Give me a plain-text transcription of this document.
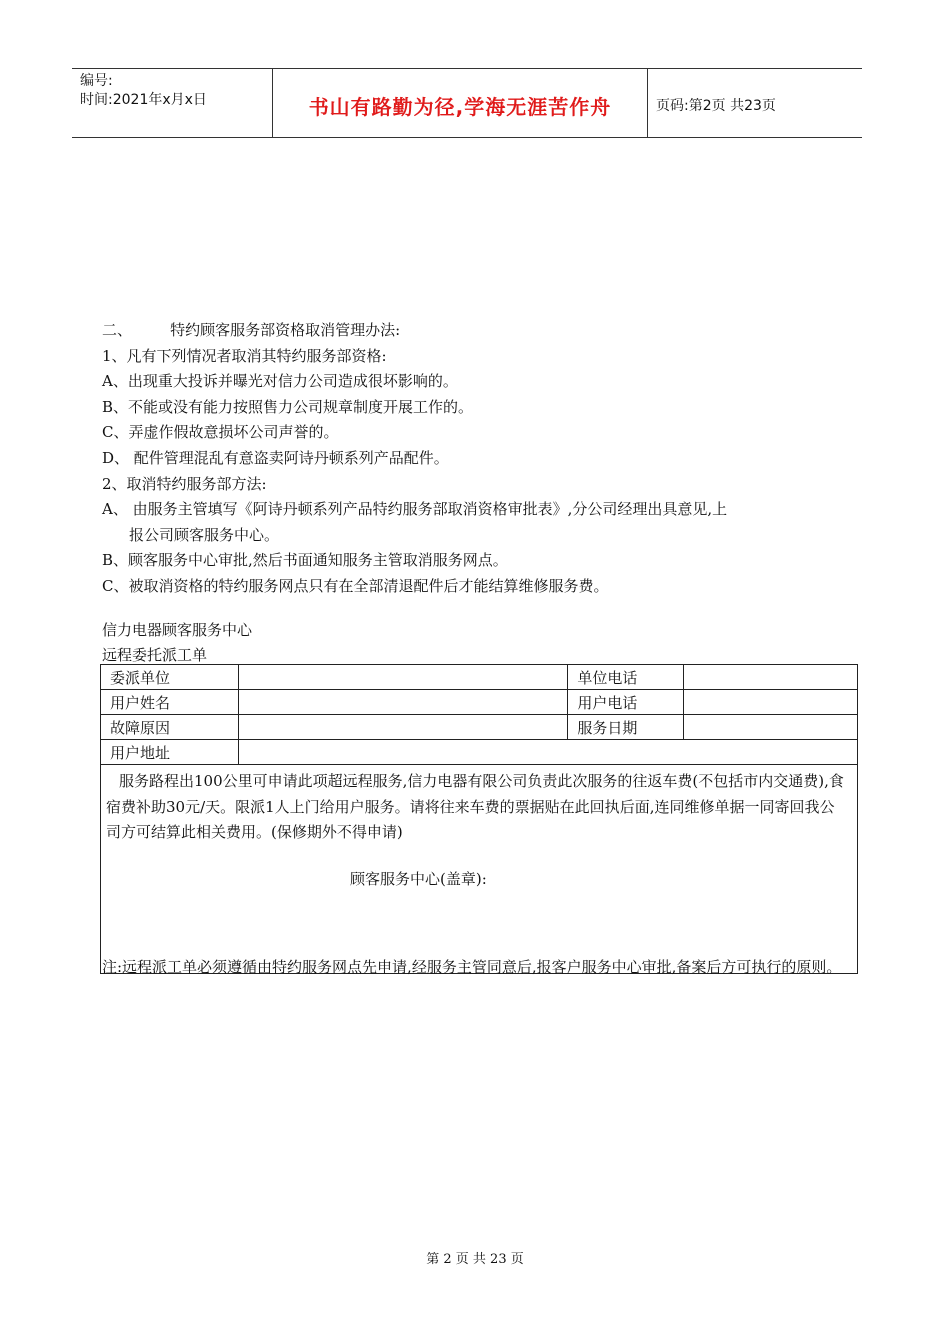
编号:
时间:2021年x月x日	书山有路勤为径,学海无涯苦作舟	页码:第2页 共23页

二、        特约顾客服务部资格取消管理办法:

1、凡有下列情况者取消其特约服务部资格:

A、出现重大投诉并曝光对信力公司造成很坏影响的。

B、不能或没有能力按照售力公司规章制度开展工作的。

C、弄虚作假故意损坏公司声誉的。

D、 配件管理混乱有意盗卖阿诗丹顿系列产品配件。

2、取消特约服务部方法:

A、 由服务主管填写《阿诗丹顿系列产品特约服务部取消资格审批表》,分公司经理出具意见,上

报公司顾客服务中心。

B、顾客服务中心审批,然后书面通知服务主管取消服务网点。

C、被取消资格的特约服务网点只有在全部清退配件后才能结算维修服务费。

信力电器顾客服务中心

远程委托派工单

委派单位		单位电话	
用户姓名		用户电话	
故障原因		服务日期	
用户地址			

服务路程出100公里可申请此项超远程服务,信力电器有限公司负责此次服务的往返车费(不包括市内交通费),食宿费补助30元/天。限派1人上门给用户服务。请将往来车费的票据贴在此回执后面,连同维修单据一同寄回我公司方可结算此相关费用。(保修期外不得申请)

顾客服务中心(盖章):			

注:远程派工单必须遵循由特约服务网点先申请,经服务主管同意后,报客户服务中心审批,备案后方可执行的原则。

第 2 页 共 23 页
